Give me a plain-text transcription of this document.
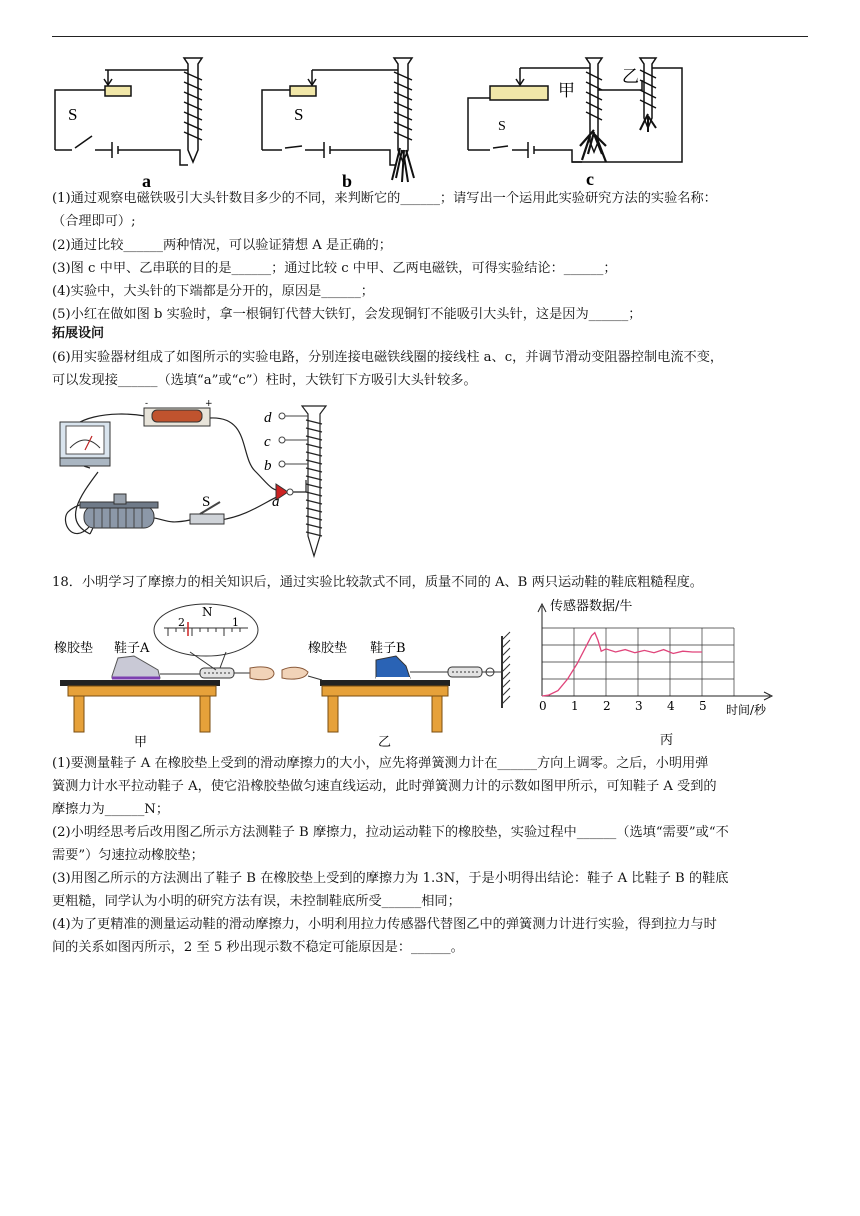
S	S
S
甲
乙
a	b	c
(1)通过观察电磁铁吸引大头针数目多少的不同，来判断它的______；请写出一个运用此实验研究方法的实验名称：
（合理即可）;
(2)通过比较______两种情况，可以验证猜想 A 是正确的；
(3)图 c 中甲、乙串联的目的是______；通过比较 c 中甲、乙两电磁铁，可得实验结论：______；
(4)实验中，大头针的下端都是分开的，原因是______；
(5)小红在做如图 b 实验时，拿一根铜钉代替大铁钉，会发现铜钉不能吸引大头针，这是因为______；
拓展设问
(6)用实验器材组成了如图所示的实验电路，分别连接电磁铁线圈的接线柱 a、c，并调节滑动变阻器控制电流不变，
可以发现接______（选填“a”或“c”）柱时，大铁钉下方吸引大头针较多。
-	+
S
d
c
b
a
18．小明学习了摩擦力的相关知识后，通过实验比较款式不同，质量不同的 A、B 两只运动鞋的鞋底粗糙程度。
N
2	1
橡胶垫 鞋子A
甲
橡胶垫 鞋子B
乙
0 1 2 3 4 5
传感器数据/牛
时间/秒
丙
(1)要测量鞋子 A 在橡胶垫上受到的滑动摩擦力的大小，应先将弹簧测力计在______方向上调零。之后，小明用弹
簧测力计水平拉动鞋子 A，使它沿橡胶垫做匀速直线运动，此时弹簧测力计的示数如图甲所示，可知鞋子 A 受到的
摩擦力为______N；
(2)小明经思考后改用图乙所示方法测鞋子 B 摩擦力，拉动运动鞋下的橡胶垫，实验过程中______（选填“需要”或“不
需要”）匀速拉动橡胶垫；
(3)用图乙所示的方法测出了鞋子 B 在橡胶垫上受到的摩擦力为 1.3N，于是小明得出结论：鞋子 A 比鞋子 B 的鞋底
更粗糙，同学认为小明的研究方法有误，未控制鞋底所受______相同；
(4)为了更精准的测量运动鞋的滑动摩擦力，小明利用拉力传感器代替图乙中的弹簧测力计进行实验，得到拉力与时
间的关系如图丙所示，2 至 5 秒出现示数不稳定可能原因是：______。
